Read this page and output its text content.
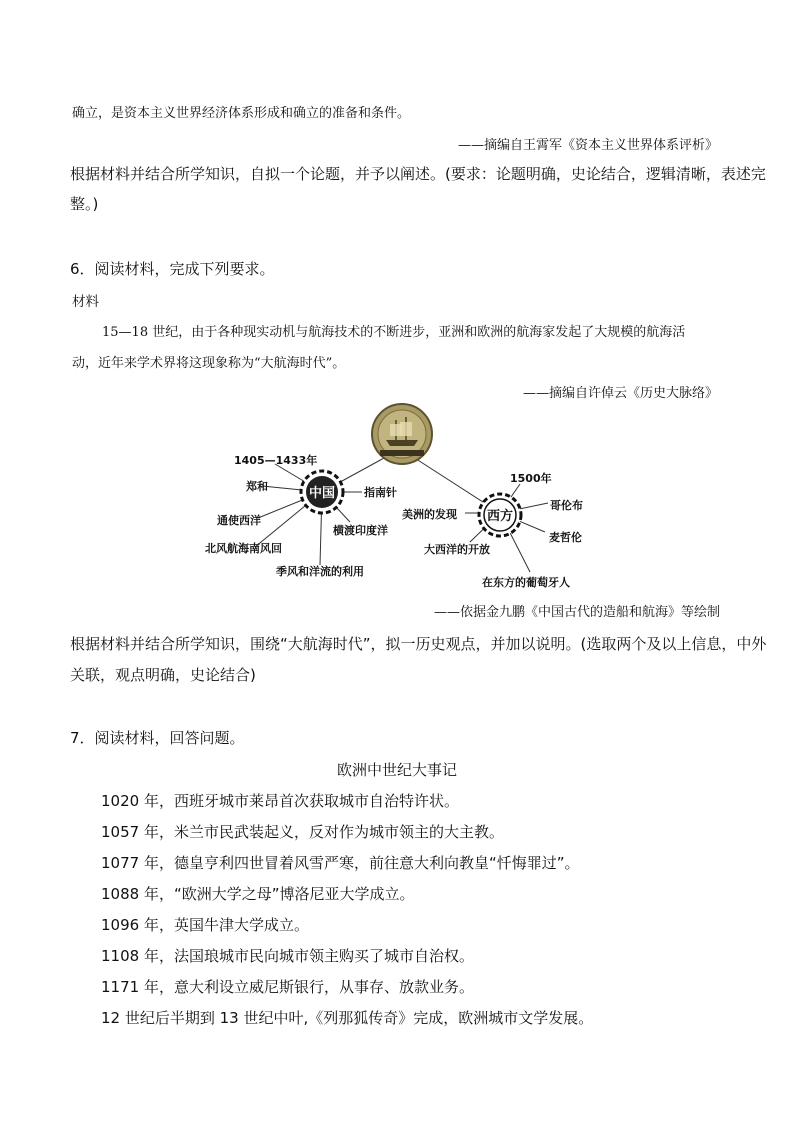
确立，是资本主义世界经济体系形成和确立的准备和条件。
——摘编自王霄军《资本主义世界体系评析》
根据材料并结合所学知识，自拟一个论题，并予以阐述。(要求：论题明确，史论结合，逻辑清晰，表述完
整。)
6．阅读材料，完成下列要求。
材料
15—18 世纪，由于各种现实动机与航海技术的不断进步，亚洲和欧洲的航海家发起了大规模的航海活
动，近年来学术界将这现象称为“大航海时代”。
——摘编自许倬云《历史大脉络》
中国
西方
1405—1433年
郑和
通使西洋
北风航海南风回
季风和洋流的利用
横渡印度洋
指南针
1500年
哥伦布
麦哲伦
在东方的葡萄牙人
大西洋的开放
美洲的发现
——依据金九鹏《中国古代的造船和航海》等绘制
根据材料并结合所学知识，围绕“大航海时代”，拟一历史观点，并加以说明。(选取两个及以上信息，中外
关联，观点明确，史论结合)
7．阅读材料，回答问题。
欧洲中世纪大事记
1020 年，西班牙城市莱昂首次获取城市自治特许状。
1057 年，米兰市民武装起义，反对作为城市领主的大主教。
1077 年，德皇亨利四世冒着风雪严寒，前往意大利向教皇“忏悔罪过”。
1088 年，“欧洲大学之母”博洛尼亚大学成立。
1096 年，英国牛津大学成立。
1108 年，法国琅城市民向城市领主购买了城市自治权。
1171 年，意大利设立威尼斯银行，从事存、放款业务。
12 世纪后半期到 13 世纪中叶,《列那狐传奇》完成，欧洲城市文学发展。
